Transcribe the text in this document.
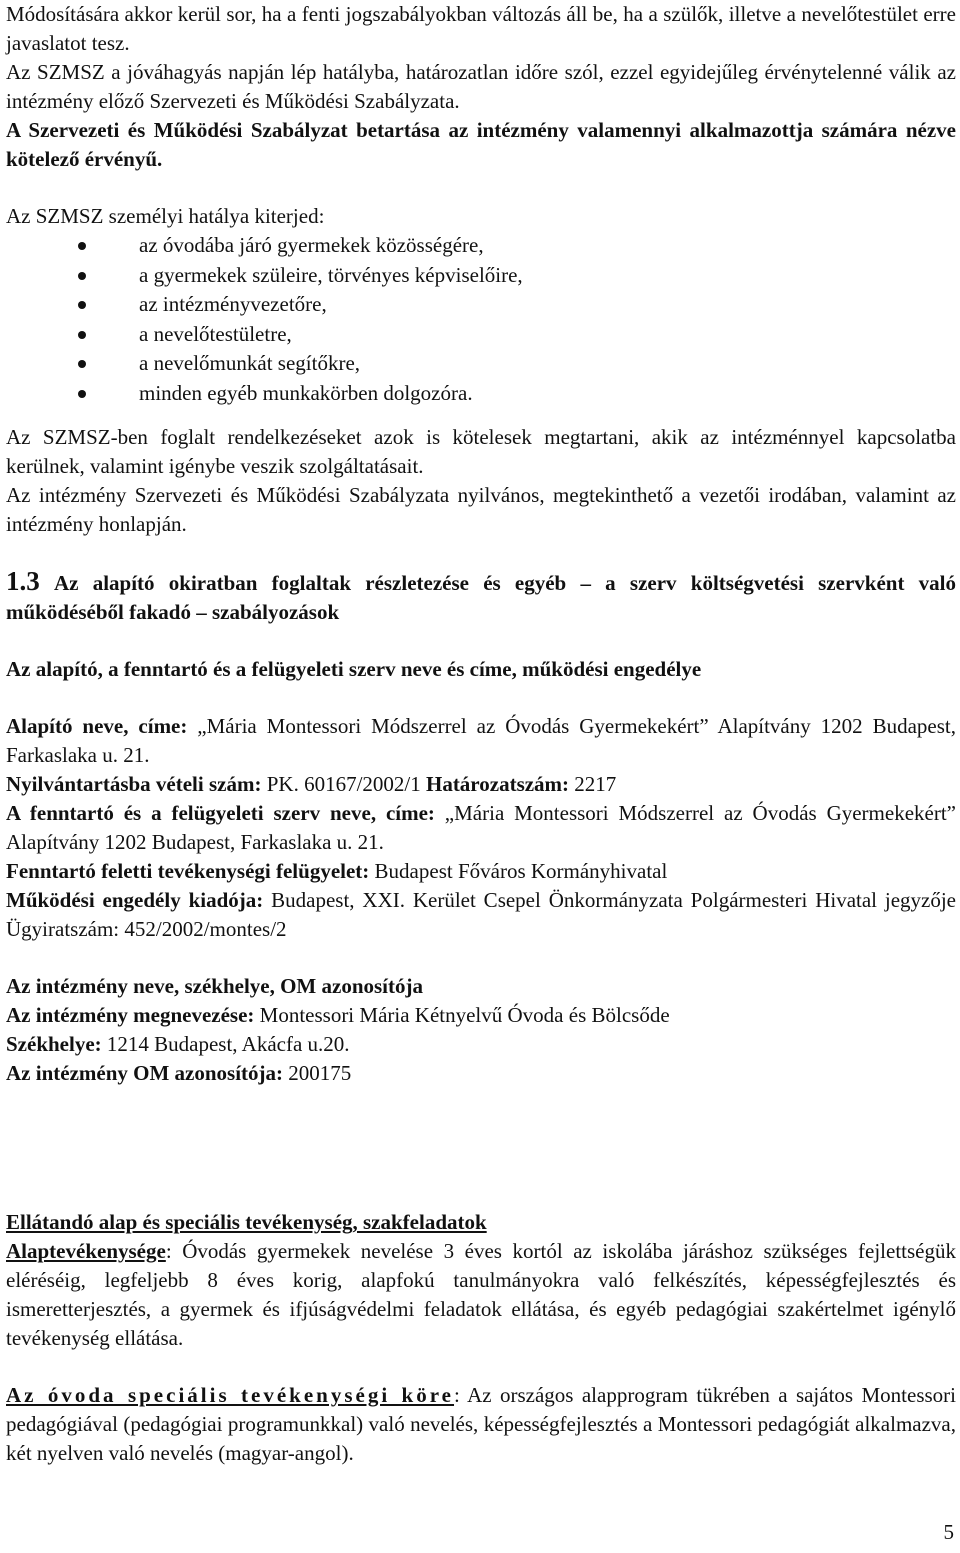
Módosítására akkor kerül sor, ha a fenti jogszabályokban változás áll be, ha a szülők, illetve a nevelőtestület erre javaslatot tesz.

Az SZMSZ a jóváhagyás napján lép hatályba, határozatlan időre szól, ezzel egyidejűleg érvénytelenné válik az intézmény előző Szervezeti és Működési Szabályzata.

A Szervezeti és Működési Szabályzat betartása az intézmény valamennyi alkalmazottja számára nézve kötelező érvényű.

Az SZMSZ személyi hatálya kiterjed:

az óvodába járó gyermekek közösségére,
a gyermekek szüleire, törvényes képviselőire,
az intézményvezetőre,
a nevelőtestületre,
a nevelőmunkát segítőkre,
minden egyéb munkakörben dolgozóra.

Az SZMSZ-ben foglalt rendelkezéseket azok is kötelesek megtartani, akik az intézménnyel kapcsolatba kerülnek, valamint igénybe veszik szolgáltatásait.

Az intézmény Szervezeti és Működési Szabályzata nyilvános, megtekinthető a vezetői irodában, valamint az intézmény honlapján.

1.3 Az alapító okiratban foglaltak részletezése és egyéb – a szerv költségvetési szervként való működéséből fakadó – szabályozások

Az alapító, a fenntartó és a felügyeleti szerv neve és címe, működési engedélye

Alapító neve, címe: „Mária Montessori Módszerrel az Óvodás Gyermekekért” Alapítvány 1202 Budapest, Farkaslaka u. 21.

Nyilvántartásba vételi szám: PK. 60167/2002/1 Határozatszám: 2217

A fenntartó és a felügyeleti szerv neve, címe: „Mária Montessori Módszerrel az Óvodás Gyermekekért” Alapítvány 1202 Budapest, Farkaslaka u. 21.

Fenntartó feletti tevékenységi felügyelet: Budapest Főváros Kormányhivatal

Működési engedély kiadója: Budapest, XXI. Kerület Csepel Önkormányzata Polgármesteri Hivatal jegyzője Ügyiratszám: 452/2002/montes/2

Az intézmény neve, székhelye, OM azonosítója

Az intézmény megnevezése: Montessori Mária Kétnyelvű Óvoda és Bölcsőde

Székhelye: 1214 Budapest, Akácfa u.20.

Az intézmény OM azonosítója: 200175

Ellátandó alap és speciális tevékenység, szakfeladatok

Alaptevékenysége: Óvodás gyermekek nevelése 3 éves kortól az iskolába járáshoz szükséges fejlettségük eléréséig, legfeljebb 8 éves korig, alapfokú tanulmányokra való felkészítés, képességfejlesztés és ismeretterjesztés, a gyermek és ifjúságvédelmi feladatok ellátása, és egyéb pedagógiai szakértelmet igénylő tevékenység ellátása.

Az óvoda speciális tevékenységi köre: Az országos alapprogram tükrében a sajátos Montessori pedagógiával (pedagógiai programunkkal) való nevelés, képességfejlesztés a Montessori pedagógiát alkalmazva, két nyelven való nevelés (magyar-angol).

5
